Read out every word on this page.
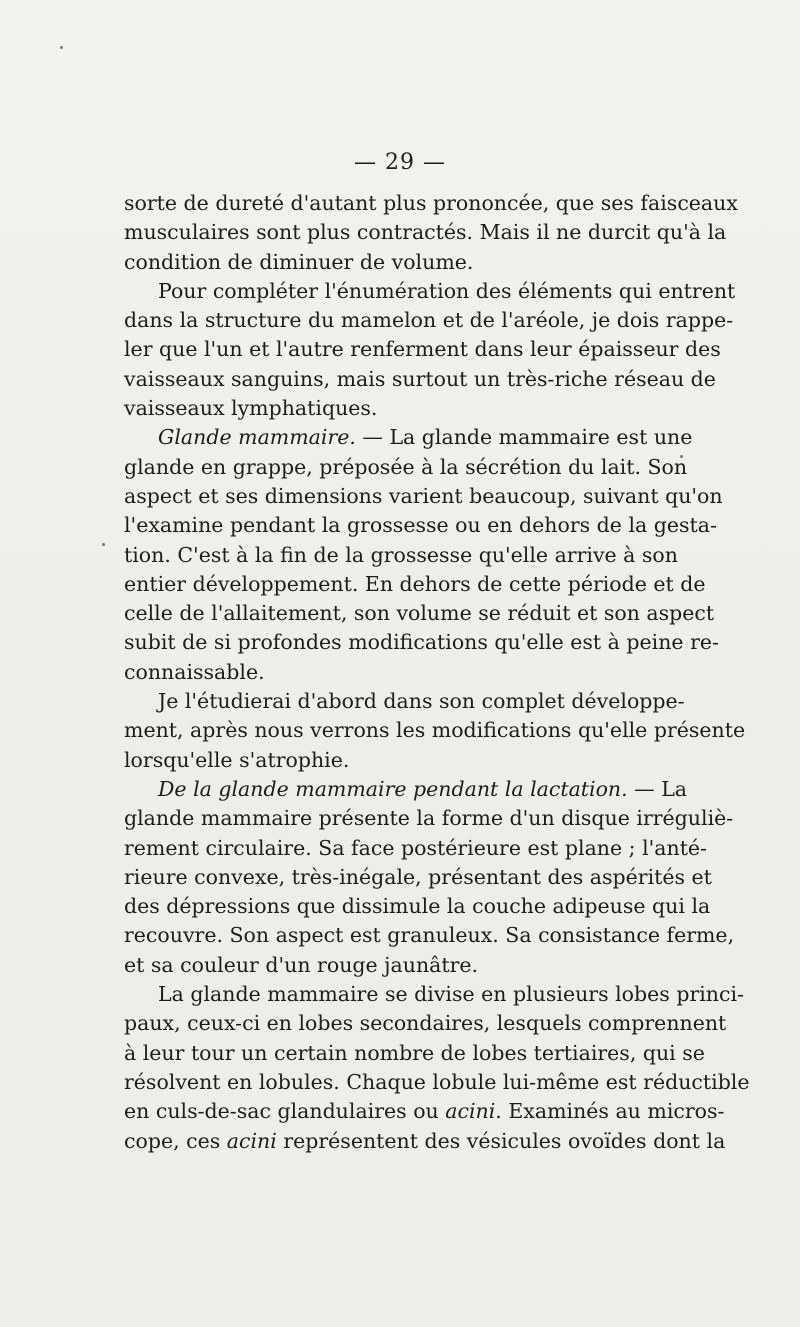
— 29 —
sorte de dureté d'autant plus prononcée, que ses faisceaux
musculaires sont plus contractés. Mais il ne durcit qu'à la
condition de diminuer de volume.
Pour compléter l'énumération des éléments qui entrent
dans la structure du mamelon et de l'aréole, je dois rappe-
ler que l'un et l'autre renferment dans leur épaisseur des
vaisseaux sanguins, mais surtout un très-riche réseau de
vaisseaux lymphatiques.
Glande mammaire. — La glande mammaire est une
glande en grappe, préposée à la sécrétion du lait. Son
aspect et ses dimensions varient beaucoup, suivant qu'on
l'examine pendant la grossesse ou en dehors de la gesta-
tion. C'est à la fin de la grossesse qu'elle arrive à son
entier développement. En dehors de cette période et de
celle de l'allaitement, son volume se réduit et son aspect
subit de si profondes modifications qu'elle est à peine re-
connaissable.
Je l'étudierai d'abord dans son complet développe-
ment, après nous verrons les modifications qu'elle présente
lorsqu'elle s'atrophie.
De la glande mammaire pendant la lactation. — La
glande mammaire présente la forme d'un disque irréguliè-
rement circulaire. Sa face postérieure est plane ; l'anté-
rieure convexe, très-inégale, présentant des aspérités et
des dépressions que dissimule la couche adipeuse qui la
recouvre. Son aspect est granuleux. Sa consistance ferme,
et sa couleur d'un rouge jaunâtre.
La glande mammaire se divise en plusieurs lobes princi-
paux, ceux-ci en lobes secondaires, lesquels comprennent
à leur tour un certain nombre de lobes tertiaires, qui se
résolvent en lobules. Chaque lobule lui-même est réductible
en culs-de-sac glandulaires ou acini. Examinés au micros-
cope, ces acini représentent des vésicules ovoïdes dont la
